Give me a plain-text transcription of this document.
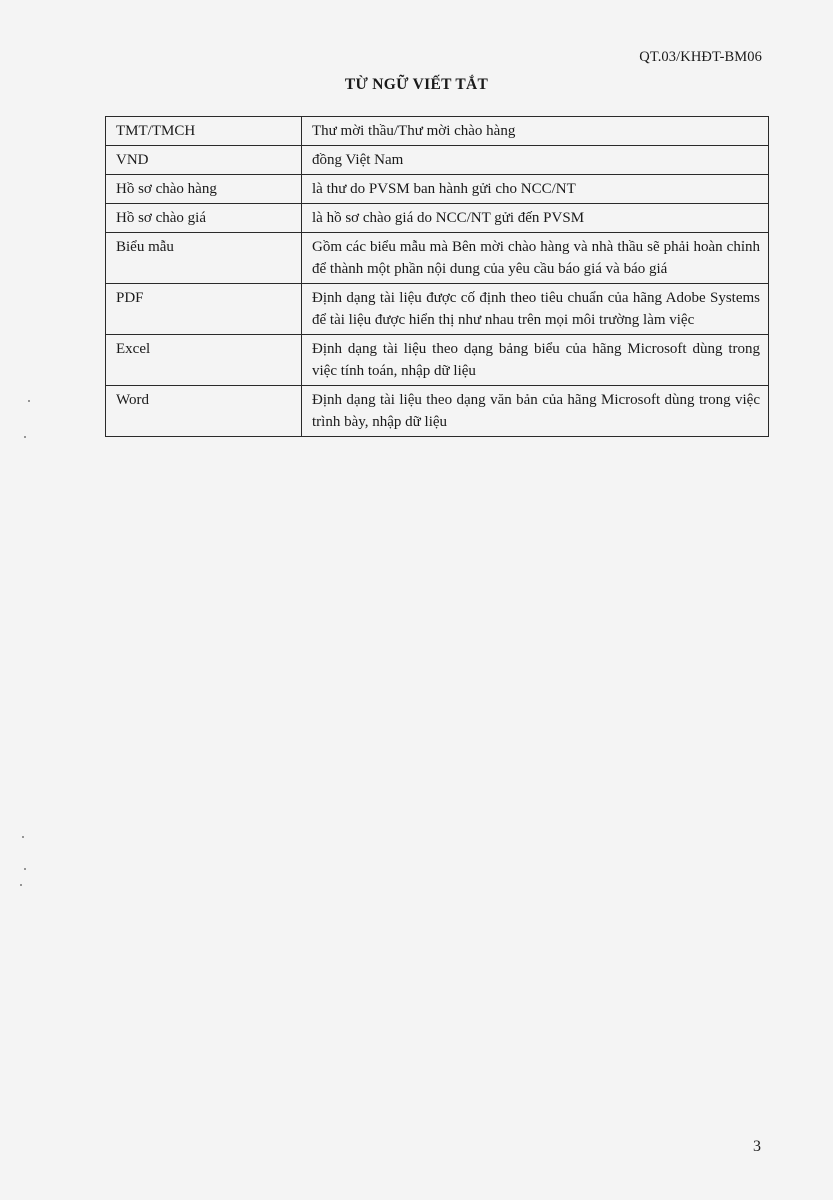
QT.03/KHĐT-BM06
TỪ NGỮ VIẾT TẮT
TMT/TMCH	Thư mời thầu/Thư mời chào hàng
VND	đồng Việt Nam
Hồ sơ chào hàng	là thư do PVSM ban hành gửi cho NCC/NT
Hồ sơ chào giá	là hồ sơ chào giá do NCC/NT gửi đến PVSM
Biểu mẫu	Gồm các biểu mẫu mà Bên mời chào hàng và nhà thầu sẽ phải hoàn chỉnh để thành một phần nội dung của yêu cầu báo giá và báo giá
PDF	Định dạng tài liệu được cố định theo tiêu chuẩn của hãng Adobe Systems để tài liệu được hiển thị như nhau trên mọi môi trường làm việc
Excel	Định dạng tài liệu theo dạng bảng biểu của hãng Microsoft dùng trong việc tính toán, nhập dữ liệu
Word	Định dạng tài liệu theo dạng văn bản của hãng Microsoft dùng trong việc trình bày, nhập dữ liệu
3
